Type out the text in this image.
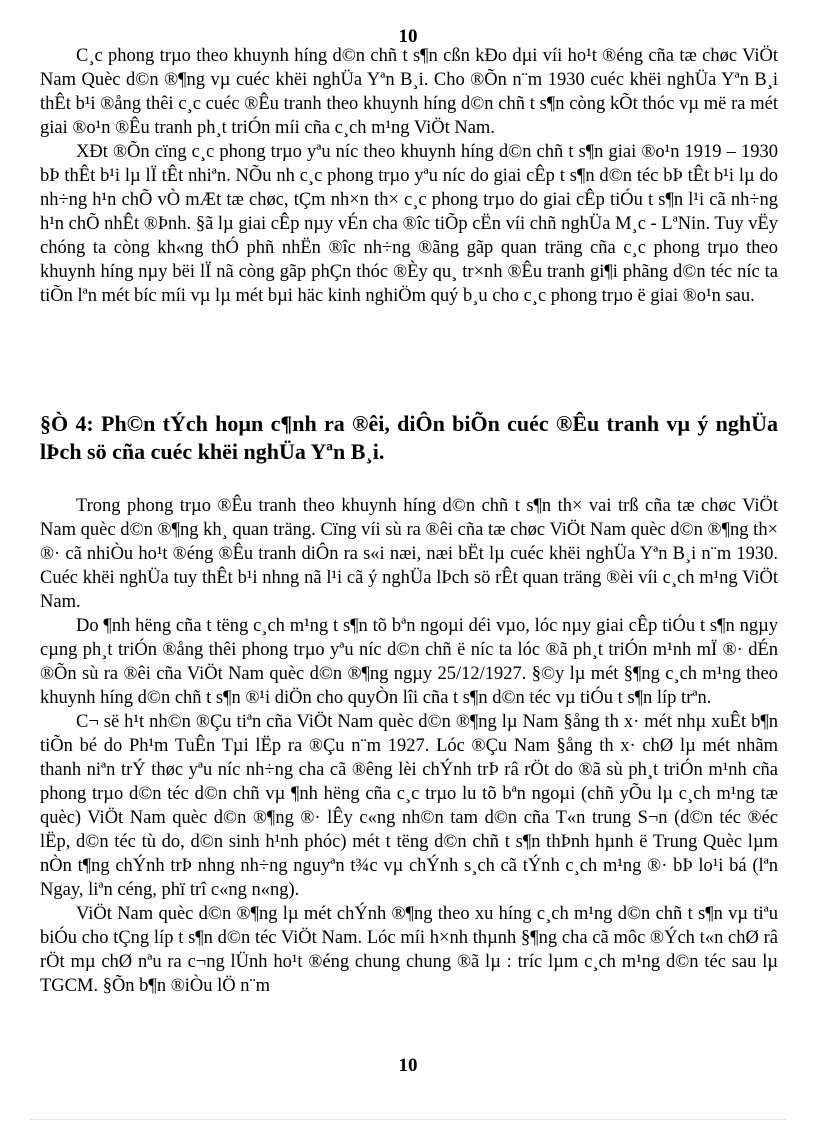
10

C¸c phong trµo theo khuynh híng d©n chñ t s¶n cßn kÐo dµi víi ho¹t ®éng cña tæ chøc ViÖt Nam Quèc d©n ®¶ng vµ cuéc khëi nghÜa Yªn B¸i. Cho ®Õn n¨m 1930 cuéc khëi nghÜa Yªn B¸i thÊt b¹i ®ång thêi c¸c cuéc ®Êu tranh theo khuynh híng d©n chñ t s¶n còng kÕt thóc vµ më ra mét giai ®o¹n ®Êu tranh ph¸t triÓn míi cña c¸ch m¹ng ViÖt Nam.

XÐt ®Õn cïng c¸c phong trµo yªu níc theo khuynh híng d©n chñ t s¶n giai ®o¹n 1919 – 1930 bÞ thÊt b¹i lµ lÏ tÊt nhiªn. NÕu nh c¸c phong trµo yªu níc do giai cÊp t s¶n d©n téc bÞ tÊt b¹i lµ do nh÷ng h¹n chÕ vÒ mÆt tæ chøc, tÇm nh×n th× c¸c phong trµo do giai cÊp tiÓu t s¶n l¹i cã nh÷ng h¹n chÕ nhÊt ®Þnh. §ã lµ giai cÊp nµy vÉn cha ®îc tiÕp cËn víi chñ nghÜa M¸c - LªNin. Tuy vËy chóng ta còng kh«ng thÓ phñ nhËn ®îc nh÷ng ®ãng gãp quan träng cña c¸c phong trµo theo khuynh híng nµy bëi lÏ nã còng gãp phÇn thóc ®Èy qu¸ tr×nh ®Êu tranh gi¶i phãng d©n téc níc ta tiÕn lªn mét bíc míi vµ lµ mét bµi häc kinh nghiÖm quý b¸u cho c¸c phong trµo ë giai ®o¹n sau.

§Ò 4: Ph©n tÝch hoµn c¶nh ra ®êi, diÔn biÕn cuéc ®Êu tranh vµ ý nghÜa lÞch sö cña cuéc khëi nghÜa Yªn B¸i.

Trong phong trµo ®Êu tranh theo khuynh híng d©n chñ t s¶n th× vai trß cña tæ chøc ViÖt Nam quèc d©n ®¶ng kh¸ quan träng. Cïng víi sù ra ®êi cña tæ chøc ViÖt Nam quèc d©n ®¶ng th× ®· cã nhiÒu ho¹t ®éng ®Êu tranh diÔn ra s«i næi, næi bËt lµ cuéc khëi nghÜa Yªn B¸i n¨m 1930. Cuéc khëi nghÜa tuy thÊt b¹i nhng nã l¹i cã ý nghÜa lÞch sö rÊt quan träng ®èi víi c¸ch m¹ng ViÖt Nam.

Do ¶nh hëng cña t tëng c¸ch m¹ng t s¶n tõ bªn ngoµi déi vµo, lóc nµy giai cÊp tiÓu t s¶n ngµy cµng ph¸t triÓn ®ång thêi phong trµo yªu níc d©n chñ ë níc ta lóc ®ã ph¸t triÓn m¹nh mÏ ®· dÉn ®Õn sù ra ®êi cña ViÖt Nam quèc d©n ®¶ng ngµy 25/12/1927. §©y lµ mét §¶ng c¸ch m¹ng theo khuynh híng d©n chñ t s¶n ®¹i diÖn cho quyÒn lîi cña t s¶n d©n téc vµ tiÓu t s¶n líp trªn.

C¬ së h¹t nh©n ®Çu tiªn cña ViÖt Nam quèc d©n ®¶ng lµ Nam §ång th x· mét nhµ xuÊt b¶n tiÕn bé do Ph¹m TuÊn Tµi lËp ra ®Çu n¨m 1927. Lóc ®Çu Nam §ång th x· chØ lµ mét nhãm thanh niªn trÝ thøc yªu níc nh÷ng cha cã ®êng lèi chÝnh trÞ râ rÖt do ®ã sù ph¸t triÓn m¹nh cña phong trµo d©n téc d©n chñ vµ ¶nh hëng cña c¸c trµo lu tõ bªn ngoµi (chñ yÕu lµ c¸ch m¹ng tæ quèc) ViÖt Nam quèc d©n ®¶ng ®· lÊy c«ng nh©n tam d©n cña T«n trung S¬n (d©n téc ®éc lËp, d©n téc tù do, d©n sinh h¹nh phóc) mét t tëng d©n chñ t s¶n thÞnh hµnh ë Trung Quèc lµm nÒn t¶ng chÝnh trÞ nhng nh÷ng nguyªn t¾c vµ chÝnh s¸ch cã tÝnh c¸ch m¹ng ®· bÞ lo¹i bá (lªn Ngay, liªn céng, phï trî c«ng n«ng).

ViÖt Nam quèc d©n ®¶ng lµ mét chÝnh ®¶ng theo xu híng c¸ch m¹ng d©n chñ t s¶n vµ tiªu biÓu cho tÇng líp t s¶n d©n téc ViÖt Nam. Lóc míi h×nh thµnh §¶ng cha cã môc ®Ých t«n chØ râ rÖt mµ chØ nªu ra c¬ng lÜnh ho¹t ®éng chung chung ®ã lµ : tríc lµm c¸ch m¹ng d©n téc sau lµ TGCM. §Õn b¶n ®iÒu lÖ n¨m

10
